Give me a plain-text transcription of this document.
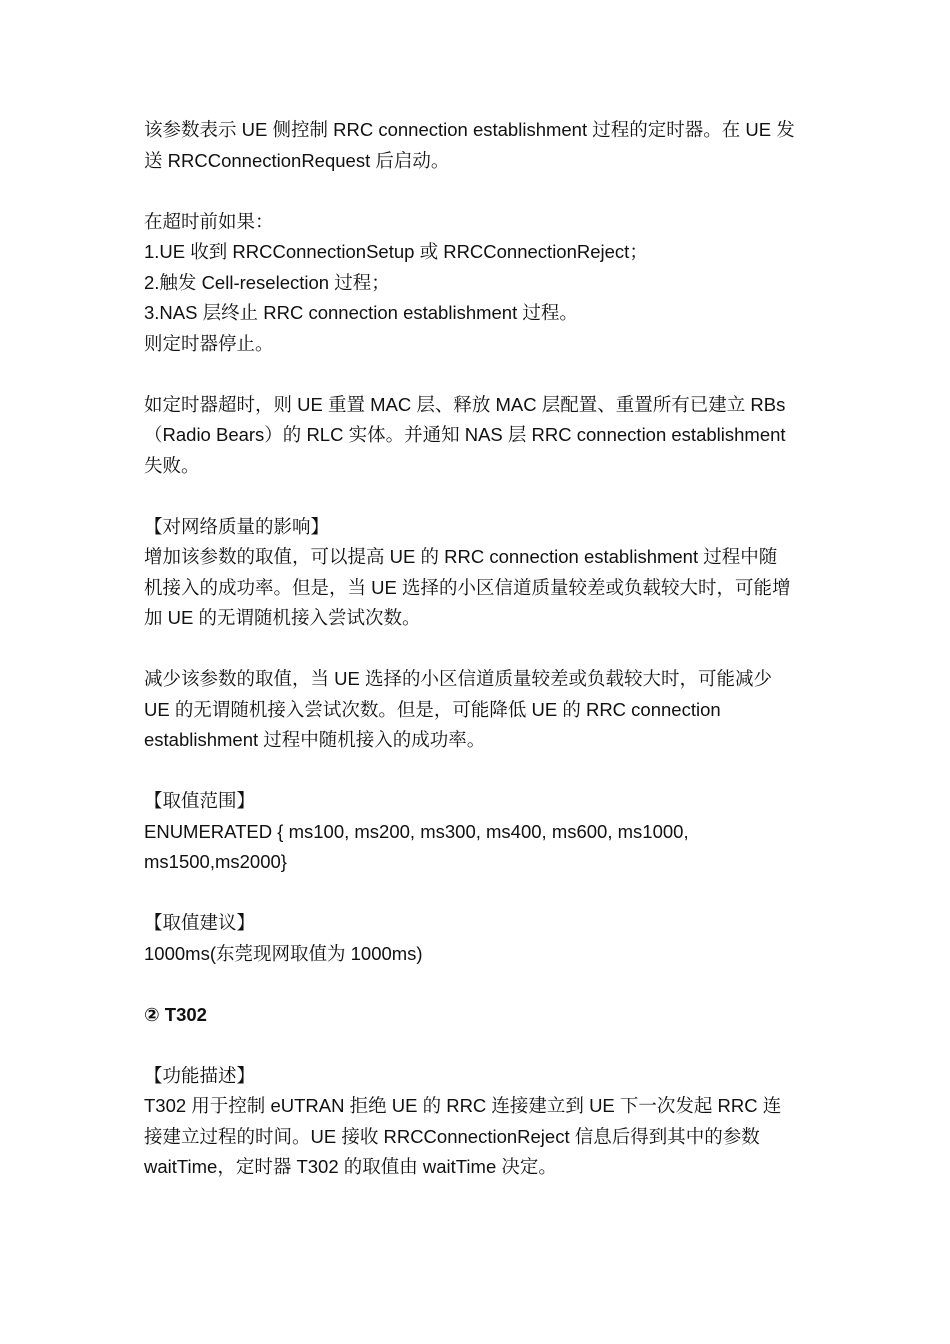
该参数表示 UE 侧控制 RRC connection establishment 过程的定时器。在 UE 发

送 RRCConnectionRequest 后启动。

在超时前如果：

1.UE 收到 RRCConnectionSetup 或 RRCConnectionReject；

2.触发 Cell-reselection 过程；

3.NAS 层终止 RRC connection establishment 过程。

则定时器停止。

如定时器超时，则 UE 重置 MAC 层、释放 MAC 层配置、重置所有已建立 RBs

（Radio Bears）的 RLC 实体。并通知 NAS 层 RRC connection establishment

失败。

【对网络质量的影响】

增加该参数的取值，可以提高 UE 的 RRC connection establishment 过程中随

机接入的成功率。但是，当 UE 选择的小区信道质量较差或负载较大时，可能增

加 UE 的无谓随机接入尝试次数。

减少该参数的取值，当 UE 选择的小区信道质量较差或负载较大时，可能减少

UE 的无谓随机接入尝试次数。但是，可能降低 UE 的 RRC connection

establishment 过程中随机接入的成功率。

【取值范围】

ENUMERATED { ms100, ms200, ms300, ms400, ms600, ms1000,

ms1500,ms2000}

【取值建议】

1000ms(东莞现网取值为 1000ms)

② T302

【功能描述】

T302 用于控制 eUTRAN 拒绝 UE 的 RRC 连接建立到 UE 下一次发起 RRC 连

接建立过程的时间。UE 接收 RRCConnectionReject 信息后得到其中的参数

waitTime，定时器 T302 的取值由 waitTime 决定。
